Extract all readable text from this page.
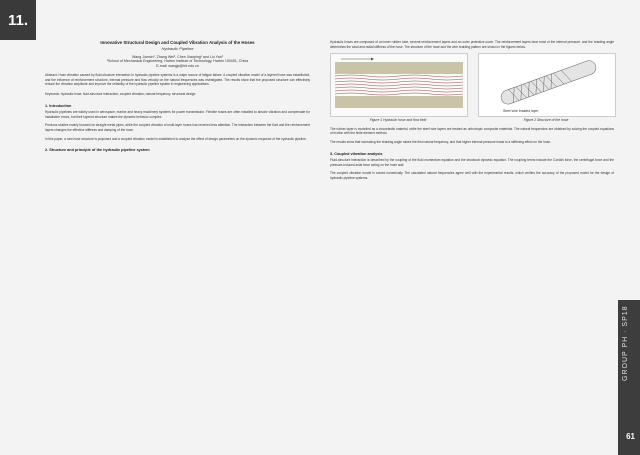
11.
Innovative Structural Design and Coupled Vibration Analysis of the Hoses
Hydraulic Pipeline
Wang Jianxin¹, Zhang Wei², Chen Xiaoping¹ and Liu Yan³
¹School of Mechanical Engineering, Harbin Institute of Technology, Harbin 150001, China
E-mail: wangjx@hit.edu.cn
Abstract: Hose vibration caused by fluid-structure interaction in hydraulic pipeline systems is a major source of fatigue failure. A coupled vibration model of a layered hose was established, and the influence of reinforcement structure, internal pressure and flow velocity on the natural frequencies was investigated. The results show that the proposed structure can effectively reduce the vibration amplitude and improve the reliability of the hydraulic pipeline system in engineering applications.
Keywords: hydraulic hose; fluid-structure interaction; coupled vibration; natural frequency; structural design
1. Introduction

Hydraulic pipelines are widely used in aerospace, marine and heavy machinery systems for power transmission. Flexible hoses are often installed to absorb vibration and compensate for installation errors, but their layered structure makes the dynamic behavior complex.

Previous studies mainly focused on straight metal pipes, while the coupled vibration of multi-layer hoses has received less attention. The interaction between the fluid and the reinforcement layers changes the effective stiffness and damping of the hose.

In this paper, a new hose structure is proposed and a coupled vibration model is established to analyse the effect of design parameters on the dynamic response of the hydraulic pipeline.

2. Structure and principle of the hydraulic pipeline system

Hydraulic hoses are composed of an inner rubber tube, several reinforcement layers and an outer protective cover. The reinforcement layers bear most of the internal pressure, and the braiding angle determines the axial and radial stiffness of the hose. The structure of the hose and the wire braiding pattern are shown in the figures below.

Figure 1 Hydraulic hose and flow field
Steel wire braided layer
Figure 2 Structure of the hose

The rubber layer is modelled as a viscoelastic material, while the steel wire layers are treated as orthotropic composite materials. The natural frequencies are obtained by solving the coupled equations of motion with the finite element method.

The results show that increasing the braiding angle raises the first natural frequency, and that higher internal pressure leads to a stiffening effect on the hose.

3. Coupled vibration analysis

Fluid-structure interaction is described by the coupling of the fluid momentum equation and the structural dynamic equation. The coupling terms include the Coriolis force, the centrifugal force and the pressure-induced axial force acting on the hose wall.

The coupled vibration model is solved numerically. The calculated natural frequencies agree well with the experimental results, which verifies the accuracy of the proposed model for the design of hydraulic pipeline systems.

GROUP PH · SP18
61
